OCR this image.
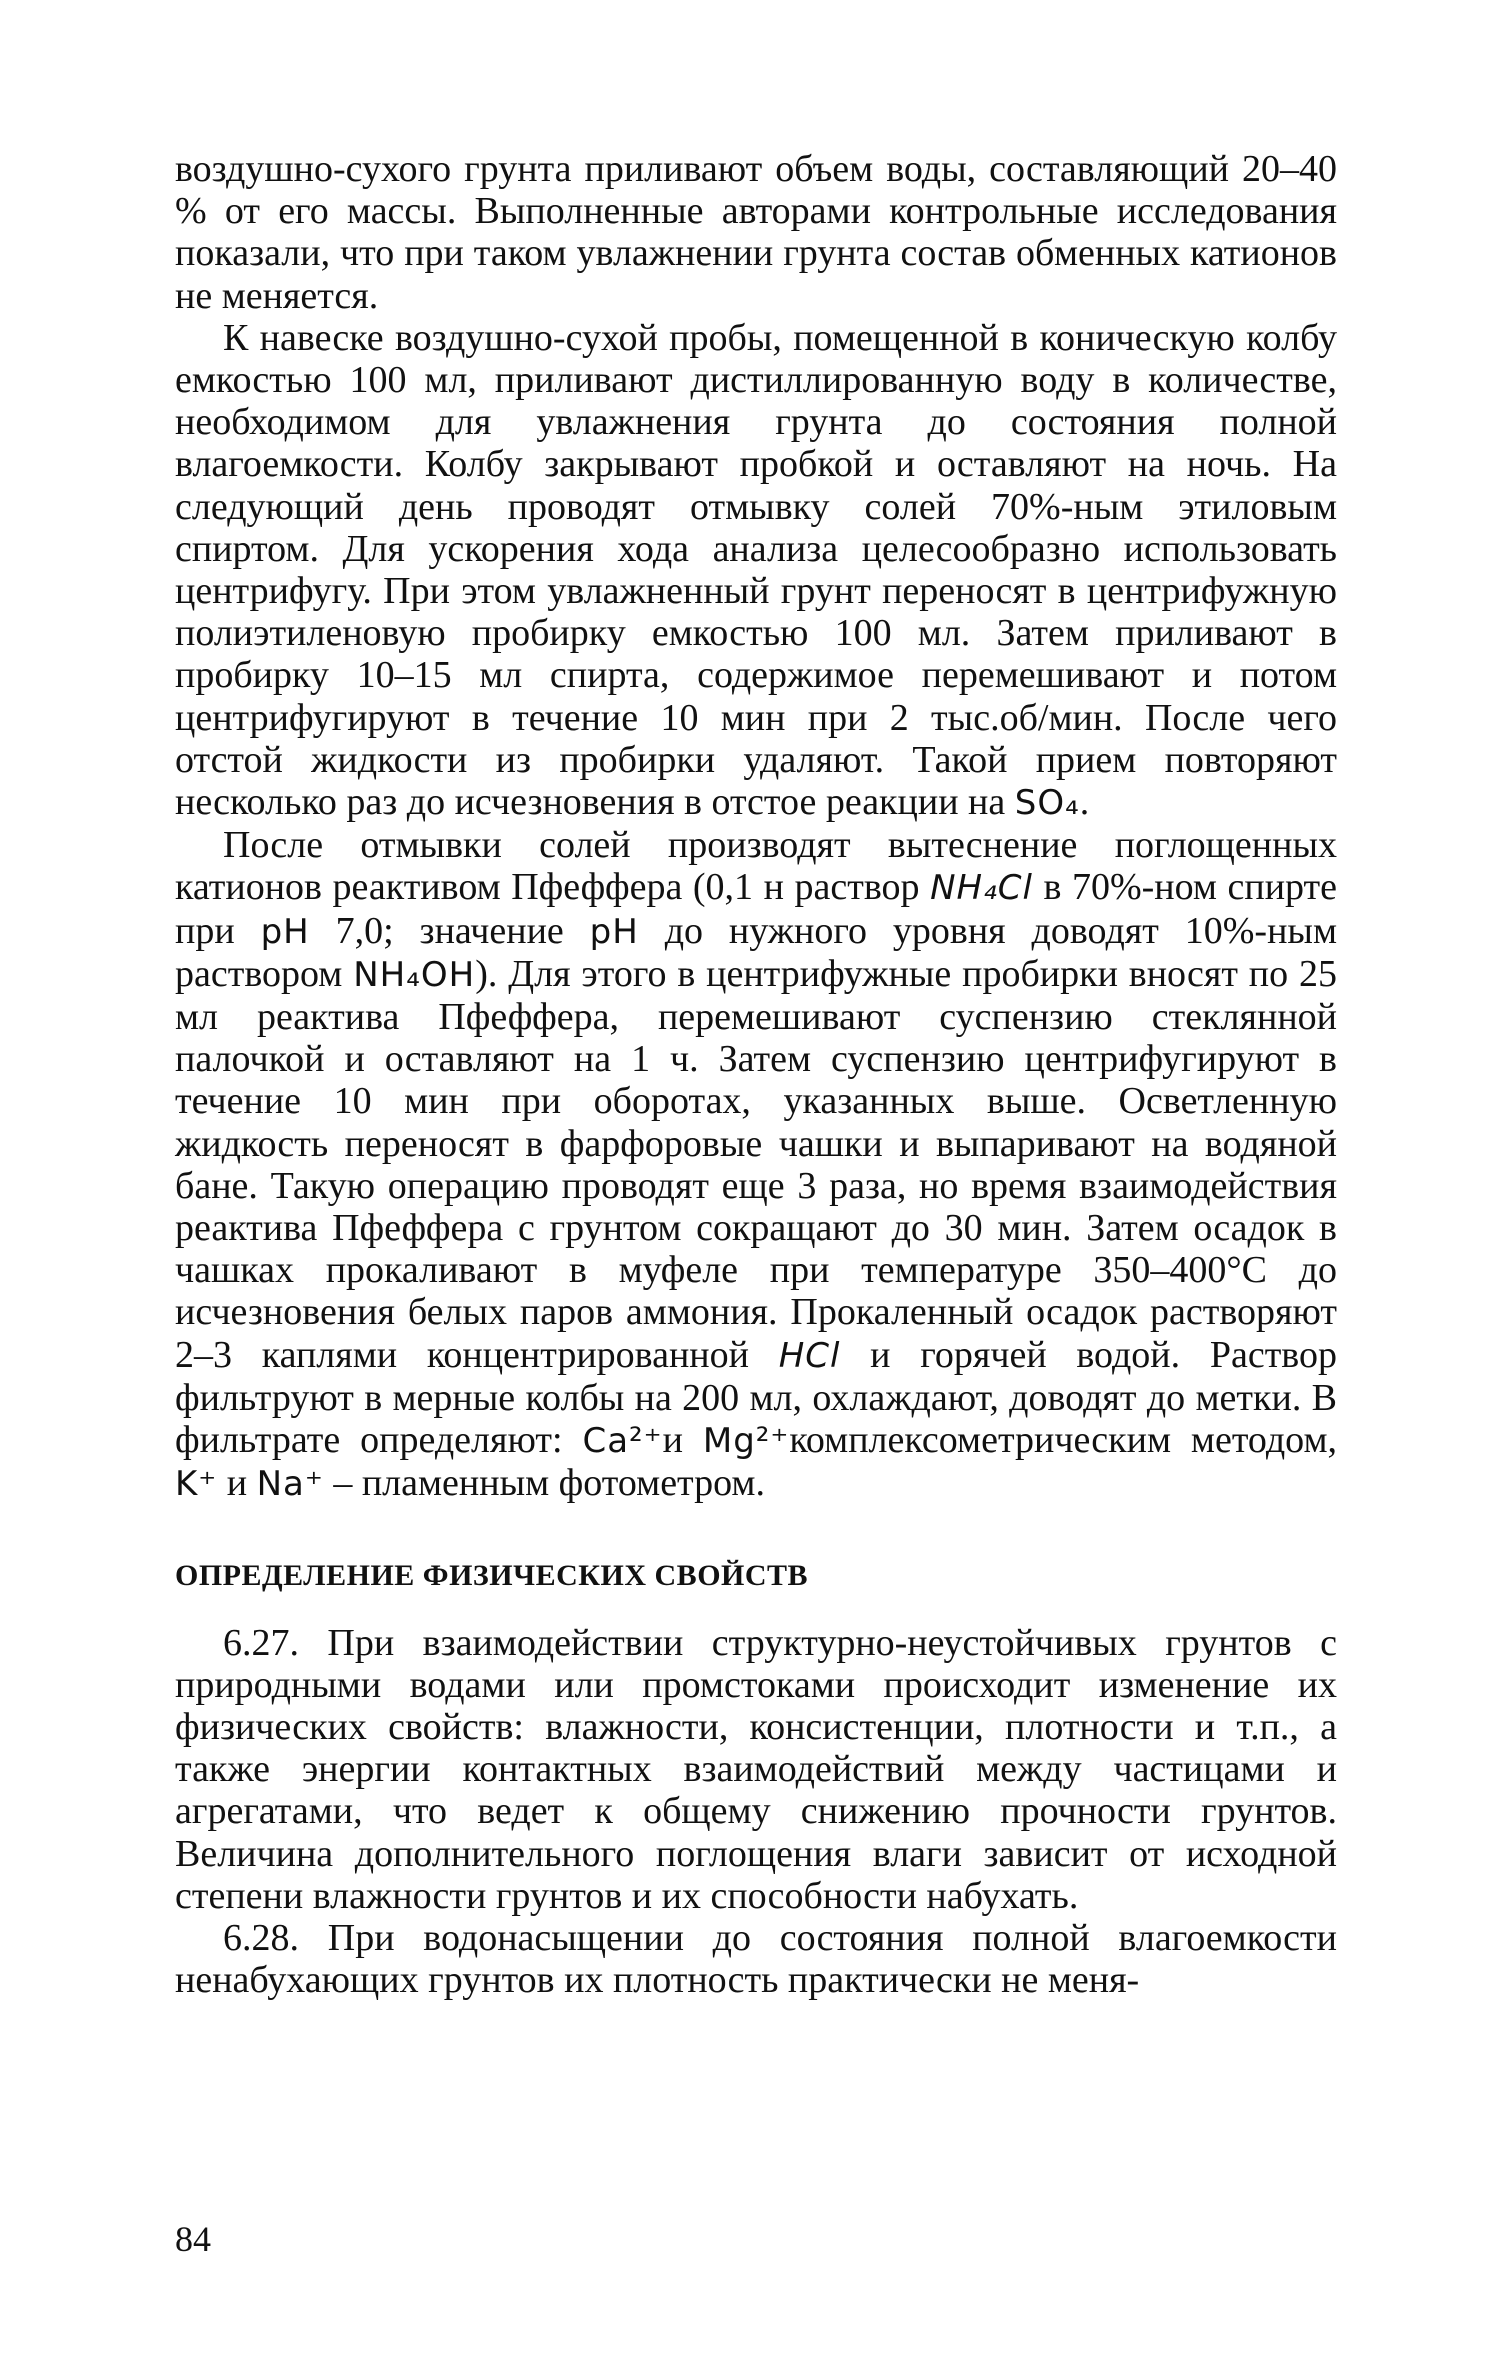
воздушно-сухого грунта приливают объем воды, составляющий 20–40 % от его массы. Выполненные авторами контрольные исследования показали, что при таком увлажнении грунта состав обменных катионов не меняется.

К навеске воздушно-сухой пробы, помещенной в коническую колбу емкостью 100 мл, приливают дистиллированную воду в количестве, необходимом для увлажнения грунта до состояния полной влагоемкости. Колбу закрывают пробкой и оставляют на ночь. На следующий день проводят отмывку солей 70%-ным этиловым спиртом. Для ускорения хода анализа целесообразно использовать центрифугу. При этом увлажненный грунт переносят в центрифужную полиэтиленовую пробирку емкостью 100 мл. Затем приливают в пробирку 10–15 мл спирта, содержимое перемешивают и потом центрифугируют в течение 10 мин при 2 тыс.об/мин. После чего отстой жидкости из пробирки удаляют. Такой прием повторяют несколько раз до исчезновения в отстое реакции на SO₄.

После отмывки солей производят вытеснение поглощенных катионов реактивом Пфеффера (0,1 н раствор NH₄Cl в 70%-ном спирте при pH 7,0; значение pH до нужного уровня доводят 10%-ным раствором NH₄OH). Для этого в центрифужные пробирки вносят по 25 мл реактива Пфеффера, перемешивают суспензию стеклянной палочкой и оставляют на 1 ч. Затем суспензию центрифугируют в течение 10 мин при оборотах, указанных выше. Осветленную жидкость переносят в фарфоровые чашки и выпаривают на водяной бане. Такую операцию проводят еще 3 раза, но время взаимодействия реактива Пфеффера с грунтом сокращают до 30 мин. Затем осадок в чашках прокаливают в муфеле при температуре 350–400°С до исчезновения белых паров аммония. Прокаленный осадок растворяют 2–3 каплями концентрированной HCl и горячей водой. Раствор фильтруют в мерные колбы на 200 мл, охлаждают, доводят до метки. В фильтрате определяют: Ca²⁺и Mg²⁺комплексометрическим методом, K⁺ и Na⁺ – пламенным фотометром.

ОПРЕДЕЛЕНИЕ ФИЗИЧЕСКИХ СВОЙСТВ

6.27. При взаимодействии структурно-неустойчивых грунтов с природными водами или промстоками происходит изменение их физических свойств: влажности, консистенции, плотности и т.п., а также энергии контактных взаимодействий между частицами и агрегатами, что ведет к общему снижению прочности грунтов. Величина дополнительного поглощения влаги зависит от исходной степени влажности грунтов и их способности набухать.

6.28. При водонасыщении до состояния полной влагоемкости ненабухающих грунтов их плотность практически не меня-

84
